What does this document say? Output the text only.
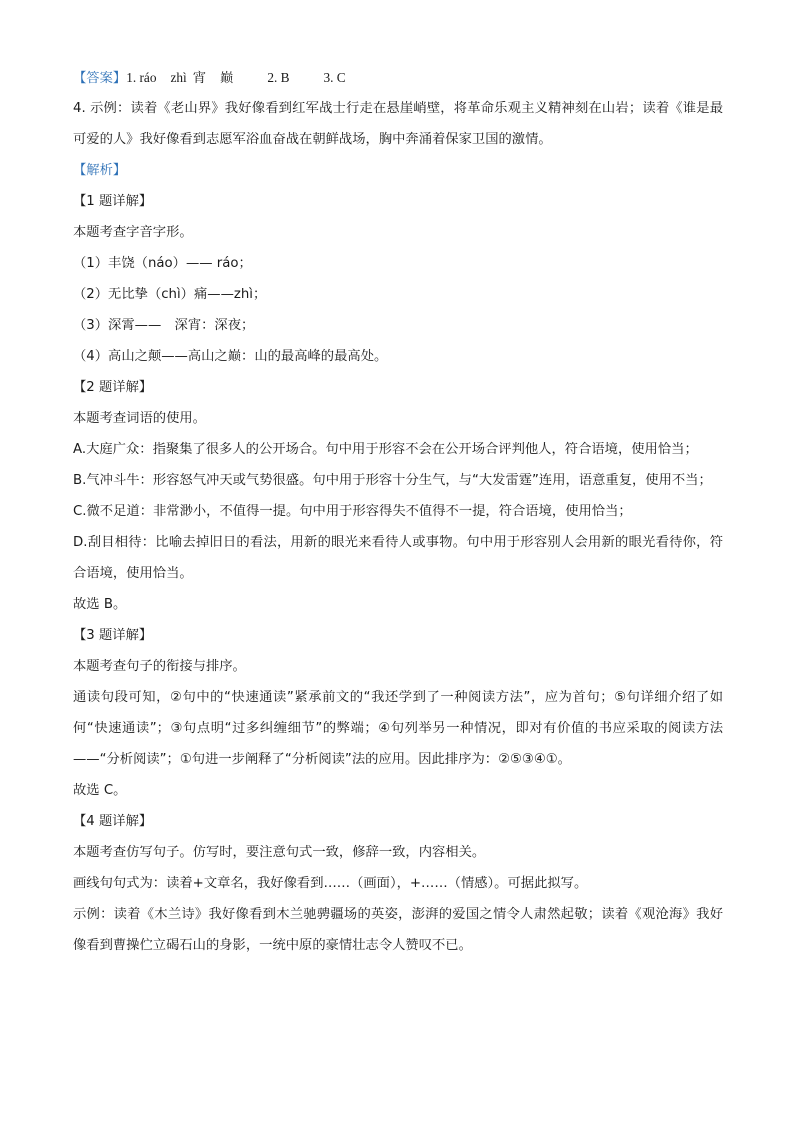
【答案】1. ráo zhì 宵 巅	2. B	3. C
4. 示例：读着《老山界》我好像看到红军战士行走在悬崖峭壁，将革命乐观主义精神刻在山岩；读着《谁是最可爱的人》我好像看到志愿军浴血奋战在朝鲜战场，胸中奔涌着保家卫国的激情。
【解析】
【1 题详解】
本题考查字音字形。
（1）丰饶（náo）—— ráo；
（2）无比挚（chì）痛——zhì；
（3）深霄——　深宵：深夜；
（4）高山之颠——高山之巅：山的最高峰的最高处。
【2 题详解】
本题考查词语的使用。
A.大庭广众：指聚集了很多人的公开场合。句中用于形容不会在公开场合评判他人，符合语境，使用恰当；
B.气冲斗牛：形容怒气冲天或气势很盛。句中用于形容十分生气，与“大发雷霆”连用，语意重复，使用不当；
C.微不足道：非常渺小，不值得一提。句中用于形容得失不值得不一提，符合语境，使用恰当；
D.刮目相待：比喻去掉旧日的看法，用新的眼光来看待人或事物。句中用于形容别人会用新的眼光看待你，符合语境，使用恰当。
故选 B。
【3 题详解】
本题考查句子的衔接与排序。
通读句段可知，②句中的“快速通读”紧承前文的“我还学到了一种阅读方法”，应为首句；⑤句详细介绍了如何“快速通读”；③句点明“过多纠缠细节”的弊端；④句列举另一种情况，即对有价值的书应采取的阅读方法——“分析阅读”；①句进一步阐释了“分析阅读”法的应用。因此排序为：②⑤③④①。
故选 C。
【4 题详解】
本题考查仿写句子。仿写时，要注意句式一致，修辞一致，内容相关。
画线句句式为：读着+文章名，我好像看到……（画面），+……（情感）。可据此拟写。
示例：读着《木兰诗》我好像看到木兰驰骋疆场的英姿，澎湃的爱国之情令人肃然起敬；读着《观沧海》我好像看到曹操伫立碣石山的身影，一统中原的豪情壮志令人赞叹不已。
